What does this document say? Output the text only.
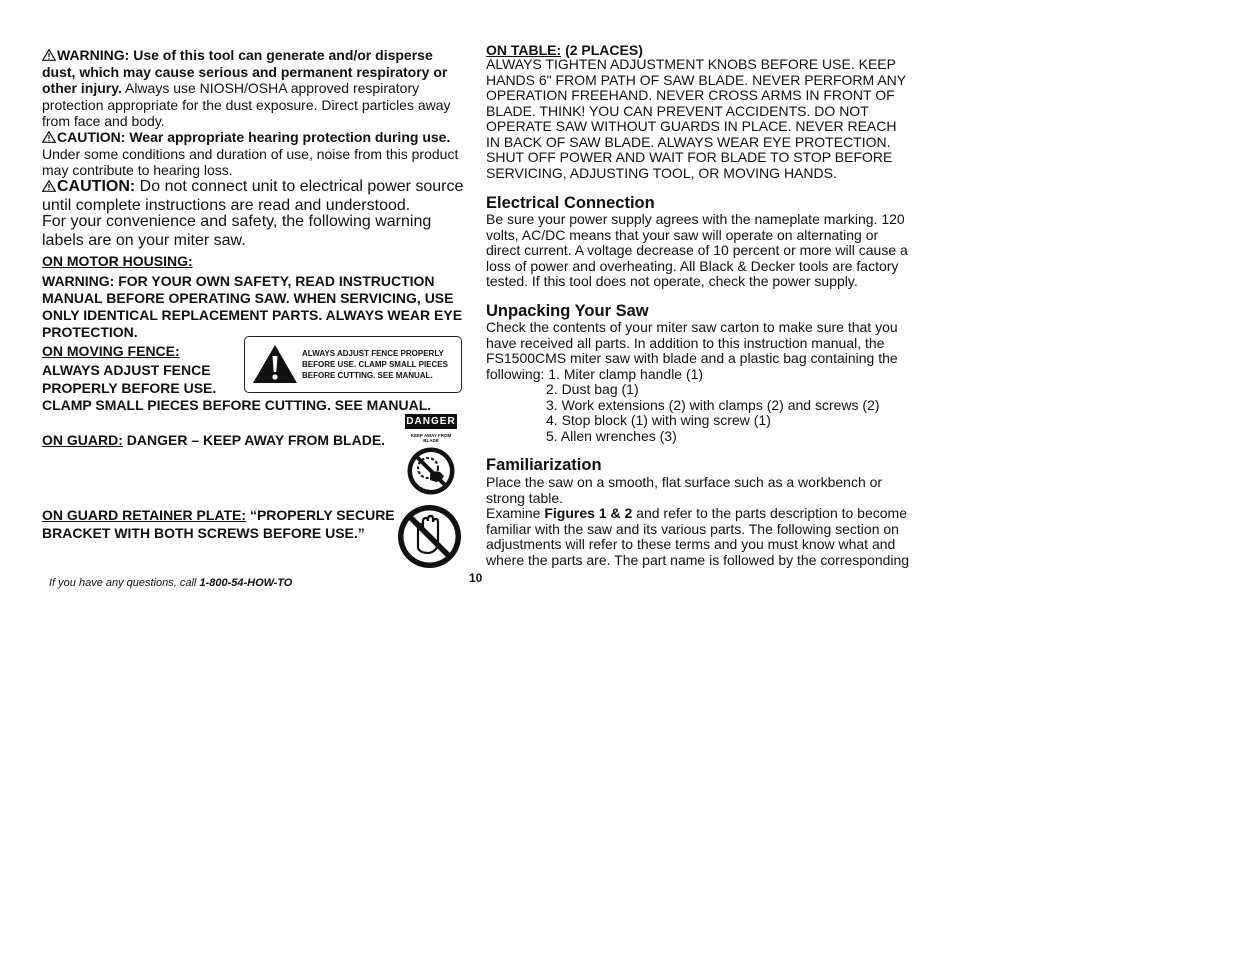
WARNING: Use of this tool can generate and/or disperse dust, which may cause serious and permanent respiratory or other injury. Always use NIOSH/OSHA approved respiratory protection appropriate for the dust exposure. Direct particles away from face and body.
CAUTION: Wear appropriate hearing protection during use. Under some conditions and duration of use, noise from this product may contribute to hearing loss.
CAUTION: Do not connect unit to electrical power source until complete instructions are read and understood.
For your convenience and safety, the following warning labels are on your miter saw.
ON MOTOR HOUSING:
WARNING: FOR YOUR OWN SAFETY, READ INSTRUCTION MANUAL BEFORE OPERATING SAW. WHEN SERVICING, USE ONLY IDENTICAL REPLACEMENT PARTS. ALWAYS WEAR EYE PROTECTION.
ON MOVING FENCE:
ALWAYS ADJUST FENCE
PROPERLY BEFORE USE.
CLAMP SMALL PIECES BEFORE CUTTING. SEE MANUAL.
ALWAYS ADJUST FENCE PROPERLY BEFORE USE. CLAMP SMALL PIECES BEFORE CUTTING. SEE MANUAL.
ON GUARD: DANGER – KEEP AWAY FROM BLADE.
DANGER
KEEP AWAY FROM BLADE
ON GUARD RETAINER PLATE: “PROPERLY SECURE
BRACKET WITH BOTH SCREWS BEFORE USE.”
If you have any questions, call 1-800-54-HOW-TO	10
ON TABLE: (2 PLACES)
ALWAYS TIGHTEN ADJUSTMENT KNOBS BEFORE USE. KEEP HANDS 6" FROM PATH OF SAW BLADE. NEVER PERFORM ANY OPERATION FREEHAND. NEVER CROSS ARMS IN FRONT OF BLADE. THINK! YOU CAN PREVENT ACCIDENTS. DO NOT OPERATE SAW WITHOUT GUARDS IN PLACE. NEVER REACH IN BACK OF SAW BLADE. ALWAYS WEAR EYE PROTECTION. SHUT OFF POWER AND WAIT FOR BLADE TO STOP BEFORE SERVICING, ADJUSTING TOOL, OR MOVING HANDS.
Electrical Connection
Be sure your power supply agrees with the nameplate marking. 120 volts, AC/DC means that your saw will operate on alternating or direct current. A voltage decrease of 10 percent or more will cause a loss of power and overheating. All Black & Decker tools are factory tested. If this tool does not operate, check the power supply.
Unpacking Your Saw
Check the contents of your miter saw carton to make sure that you have received all parts. In addition to this instruction manual, the FS1500CMS miter saw with blade and a plastic bag containing the following: 1. Miter clamp handle (1)
2. Dust bag (1)
3. Work extensions (2) with clamps (2) and screws (2)
4. Stop block (1) with wing screw (1)
5. Allen wrenches (3)
Familiarization
Place the saw on a smooth, flat surface such as a workbench or strong table.
Examine Figures 1 & 2 and refer to the parts description to become familiar with the saw and its various parts. The following section on adjustments will refer to these terms and you must know what and where the parts are. The part name is followed by the corresponding
